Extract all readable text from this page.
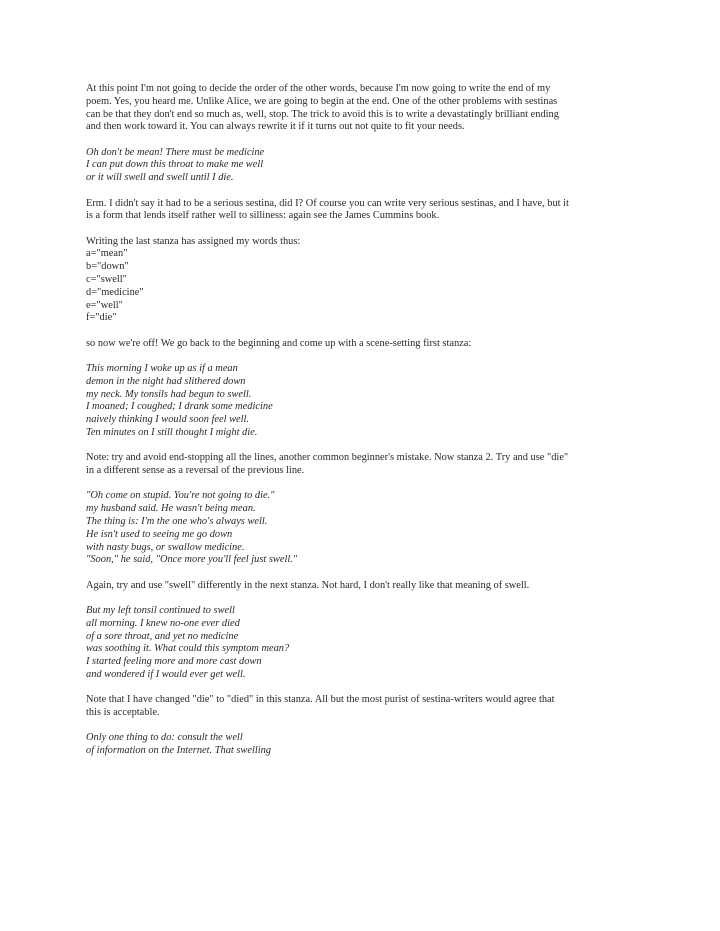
At this point I'm not going to decide the order of the other words, because I'm now going to write the end of my
poem. Yes, you heard me. Unlike Alice, we are going to begin at the end. One of the other problems with sestinas
can be that they don't end so much as, well, stop. The trick to avoid this is to write a devastatingly brilliant ending
and then work toward it. You can always rewrite it if it turns out not quite to fit your needs.
Oh don't be mean! There must be medicine
I can put down this throat to make me well
or it will swell and swell until I die.
Erm. I didn't say it had to be a serious sestina, did I? Of course you can write very serious sestinas, and I have, but it
is a form that lends itself rather well to silliness: again see the James Cummins book.
Writing the last stanza has assigned my words thus:
a="mean"
b="down"
c="swell"
d="medicine"
e="well"
f="die"
so now we're off! We go back to the beginning and come up with a scene-setting first stanza:
This morning I woke up as if a mean
demon in the night had slithered down
my neck. My tonsils had begun to swell.
I moaned; I coughed; I drank some medicine
naively thinking I would soon feel well.
Ten minutes on I still thought I might die.
Note: try and avoid end-stopping all the lines, another common beginner's mistake. Now stanza 2. Try and use "die"
in a different sense as a reversal of the previous line.
"Oh come on stupid. You're not going to die."
my husband said. He wasn't being mean.
The thing is: I'm the one who's always well.
He isn't used to seeing me go down
with nasty bugs, or swallow medicine.
"Soon," he said, "Once more you'll feel just swell."
Again, try and use "swell" differently in the next stanza. Not hard, I don't really like that meaning of swell.
But my left tonsil continued to swell
all morning. I knew no-one ever died
of a sore throat, and yet no medicine
was soothing it. What could this symptom mean?
I started feeling more and more cast down
and wondered if I would ever get well.
Note that I have changed "die" to "died" in this stanza. All but the most purist of sestina-writers would agree that
this is acceptable.
Only one thing to do: consult the well
of information on the Internet. That swelling
